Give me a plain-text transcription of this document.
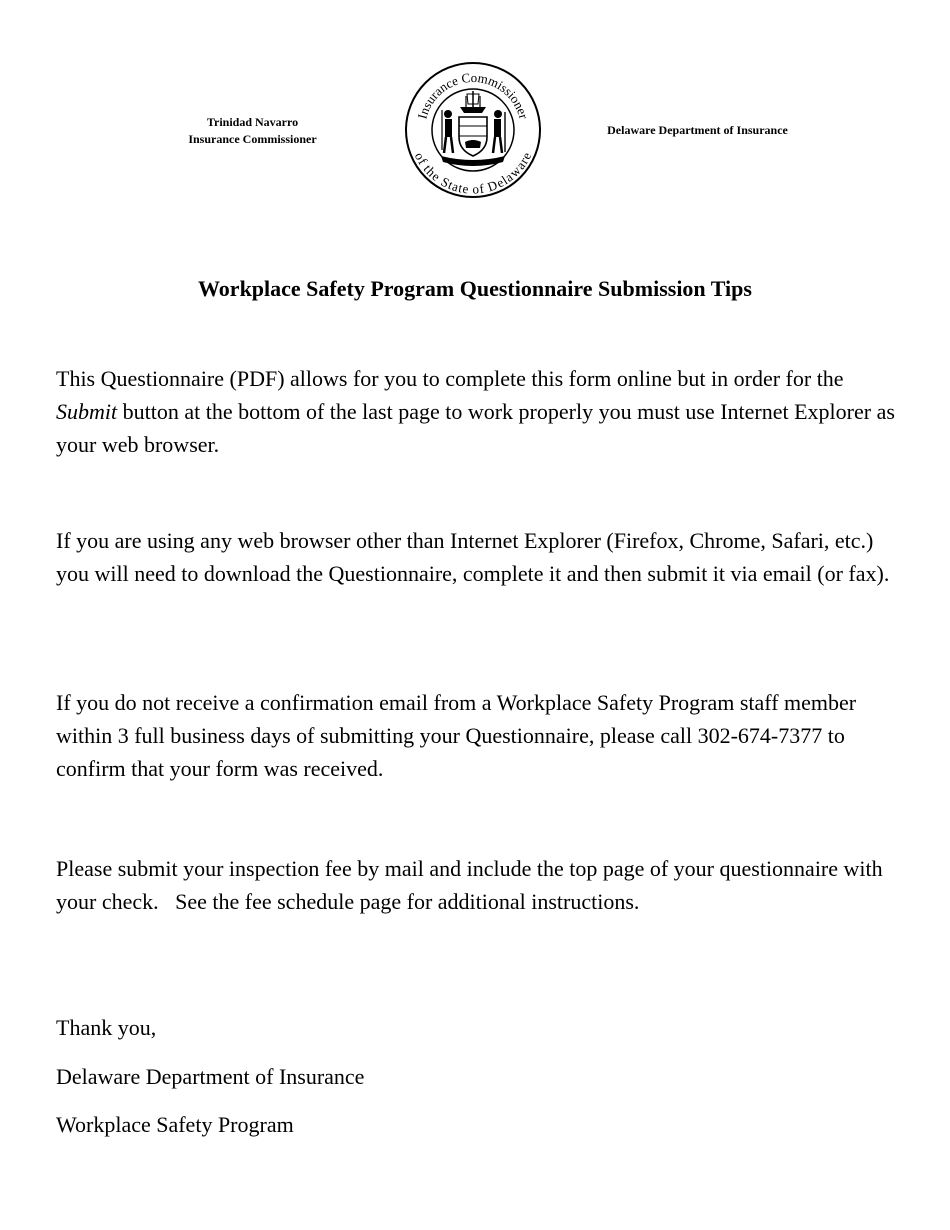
Trinidad Navarro
Insurance Commissioner
Insurance Commissioner
of the State of Delaware
Delaware Department of Insurance
Workplace Safety Program Questionnaire Submission Tips

This Questionnaire (PDF) allows for you to complete this form online but in order for the Submit button at the bottom of the last page to work properly you must use Internet Explorer as your web browser.

If you are using any web browser other than Internet Explorer (Firefox, Chrome, Safari, etc.) you will need to download the Questionnaire, complete it and then submit it via email (or fax).

If you do not receive a confirmation email from a Workplace Safety Program staff member within 3 full business days of submitting your Questionnaire, please call 302-674-7377 to confirm that your form was received.

Please submit your inspection fee by mail and include the top page of your questionnaire with your check. See the fee schedule page for additional instructions.

Thank you,

Delaware Department of Insurance

Workplace Safety Program
